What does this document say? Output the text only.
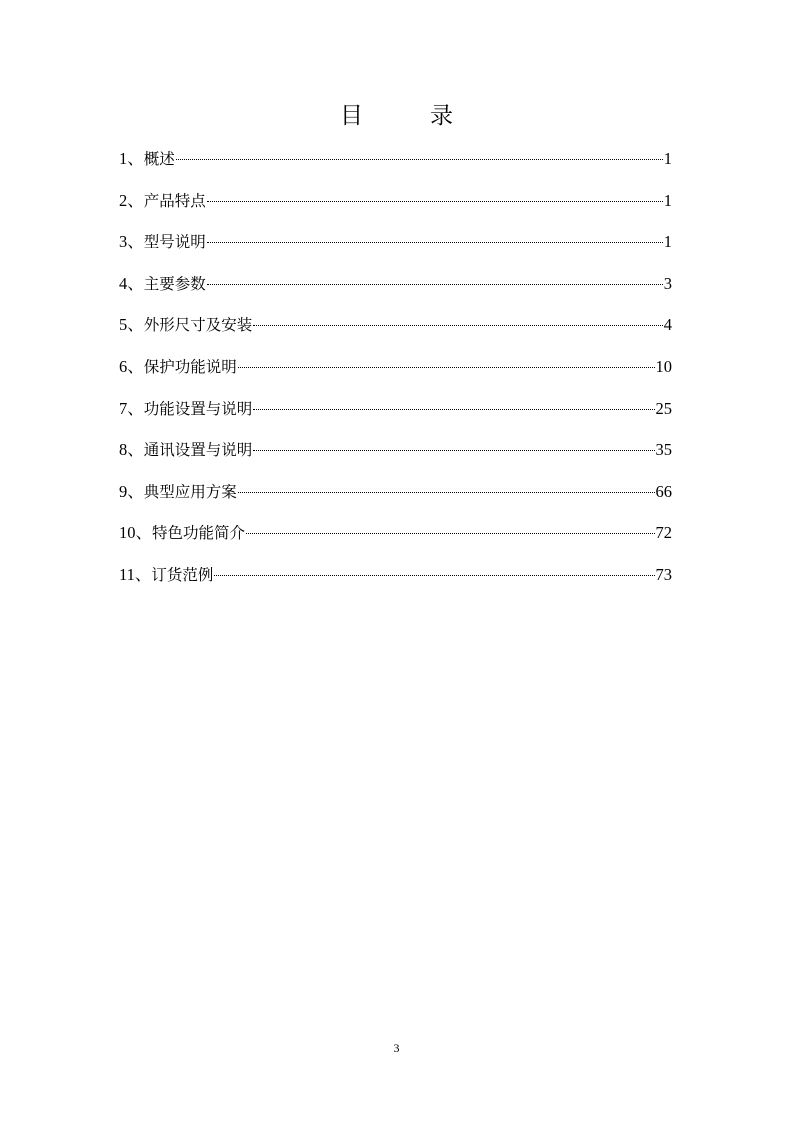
目　录
1、概述	1
2、产品特点	1
3、型号说明	1
4、主要参数	3
5、外形尺寸及安装	4
6、保护功能说明	10
7、功能设置与说明	25
8、通讯设置与说明	35
9、典型应用方案	66
10、特色功能简介	72
11、订货范例	73
3
